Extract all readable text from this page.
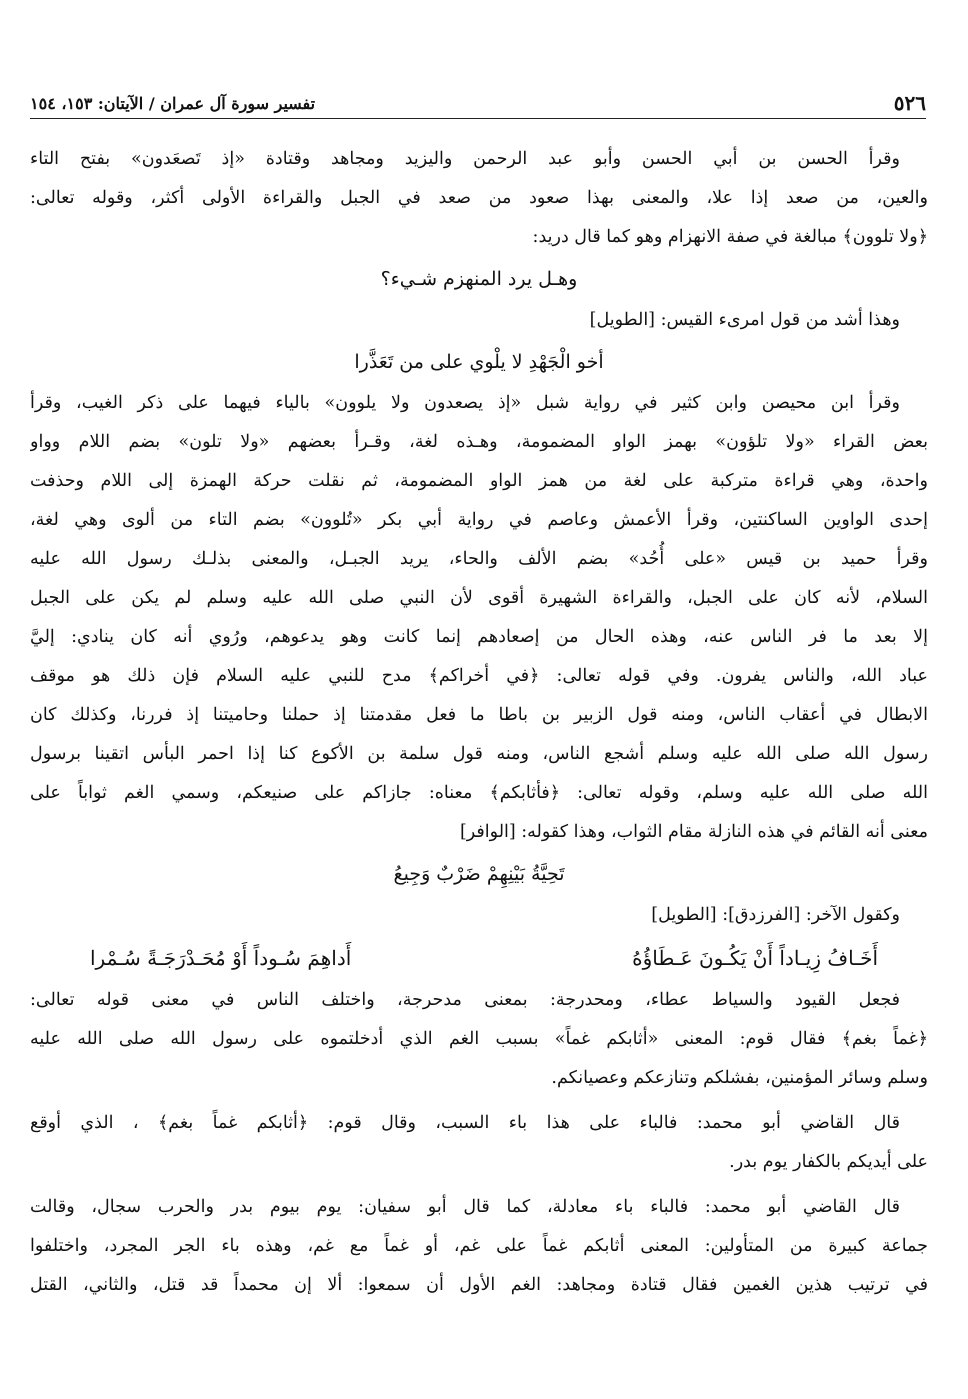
٥٢٦
تفسير سورة آل عمران / الآيتان: ١٥٣، ١٥٤
وقرأ الحسن بن أبي الحسن وأبو عبد الرحمن واليزيد ومجاهد وقتادة «إذ تَصعَدون» بفتح التاء
والعين، من صعد إذا علا، والمعنى بهذا صعود من صعد في الجبل والقراءة الأولى أكثر، وقوله تعالى:
﴿ولا تلوون﴾ مبالغة في صفة الانهزام وهو كما قال دريد:
وهـل يرد المنهزم شـيء؟
وهذا أشد من قول امرىء القيس: [الطويل]
أخو الْجَهْدِ لا يلْوي على من تَعَذَّرا
وقرأ ابن محيصن وابن كثير في رواية شبل «إذ يصعدون ولا يلوون» بالياء فيهما على ذكر الغيب، وقرأ
بعض القراء «ولا تلؤون» بهمز الواو المضمومة، وهـذه لغة، وقـرأ بعضهم «ولا تلون» بضم اللام وواو
واحدة، وهي قراءة متركبة على لغة من همز الواو المضمومة، ثم نقلت حركة الهمزة إلى اللام وحذفت
إحدى الواوين الساكنتين، وقرأ الأعمش وعاصم في رواية أبي بكر «تُلوون» بضم التاء من ألوى وهي لغة،
وقرأ حميد بن قيس «على أُحُد» بضم الألف والحاء، يريد الجبـل، والمعنى بذلـك رسول الله عليه
السلام، لأنه كان على الجبل، والقراءة الشهيرة أقوى لأن النبي صلى الله عليه وسلم لم يكن على الجبل
إلا بعد ما فر الناس عنه، وهذه الحال من إصعادهم إنما كانت وهو يدعوهم، ورُوي أنه كان ينادي: إليَّ
عباد الله، والناس يفرون. وفي قوله تعالى: ﴿في أخراكم﴾ مدح للنبي عليه السلام فإن ذلك هو موقف
الابطال في أعقاب الناس، ومنه قول الزبير بن باطا ما فعل مقدمتنا إذ حملنا وحاميتنا إذ فررنا، وكذلك كان
رسول الله صلى الله عليه وسلم أشجع الناس، ومنه قول سلمة بن الأكوع كنا إذا احمر البأس اتقينا برسول
الله صلى الله عليه وسلم، وقوله تعالى: ﴿فأثابكم﴾ معناه: جازاكم على صنيعكم، وسمي الغم ثواباً على
معنى أنه القائم في هذه النازلة مقام الثواب، وهذا كقوله: [الوافر]
تَحِيَّةُ بَيْنِهِمْ ضَرْبٌ وَجِيعُ
وكقول الآخر: [الفرزدق]: [الطويل]
أَخَـافُ زِيـاداً أَنْ يَكُـونَ عَـطَاؤُهُ
أَداهِمَ سُـوداً أَوْ مُحَـدْرَجَـةً سُـمْرا
فجعل القيود والسياط عطاء، ومحدرجة: بمعنى مدحرجة، واختلف الناس في معنى قوله تعالى:
﴿غماً بغم﴾ فقال قوم: المعنى «أثابكم غماً» بسبب الغم الذي أدخلتموه على رسول الله صلى الله عليه
وسلم وسائر المؤمنين، بفشلكم وتنازعكم وعصيانكم.
قال القاضي أبو محمد: فالباء على هذا باء السبب، وقال قوم: ﴿أثابكم غماً بغم﴾ ، الذي أوقع
على أيديكم بالكفار يوم بدر.
قال القاضي أبو محمد: فالباء باء معادلة، كما قال أبو سفيان: يوم بيوم بدر والحرب سجال، وقالت
جماعة كبيرة من المتأولين: المعنى أثابكم غماً على غم، أو غماً مع غم، وهذه باء الجر المجرد، واختلفوا
في ترتيب هذين الغمين فقال قتادة ومجاهد: الغم الأول أن سمعوا: ألا إن محمداً قد قتل، والثاني، القتل
